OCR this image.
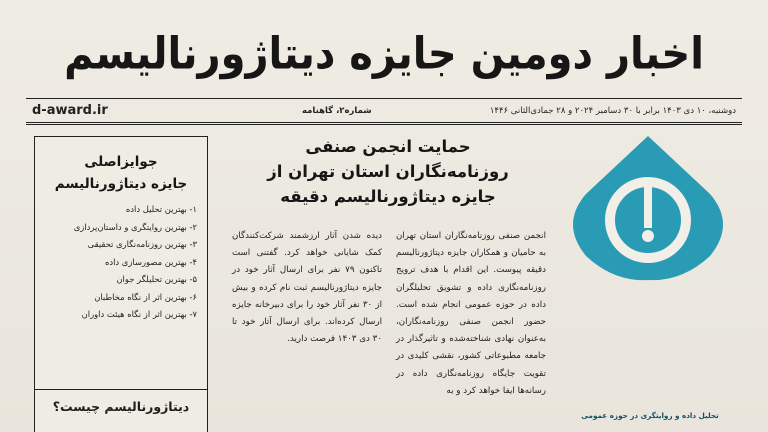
اخبار دومین جایزه دیتاژورنالیسم
دوشنبه، ۱۰ دی ۱۴۰۳ برابر با ۳۰ دسامبر ۲۰۲۴ و ۲۸ جمادی‌الثانی ۱۴۴۶
شماره۲، گاهنامه
d-award.ir
جوایزاصلی
جایزه دیتاژورنالیسم
۱- بهترین تحلیل داده
۲- بهترین روایتگری و داستان‌پردازی
۳- بهترین روزنامه‌نگاری تحقیقی
۴- بهترین مصورسازی داده
۵- بهترین تحلیلگر جوان
۶- بهترین اثر از نگاه مخاطبان
۷- بهترین اثر از نگاه هیئت داوران
دیتاژورنالیسم چیست؟
حمایت انجمن صنفی
روزنامه‌نگاران استان تهران از
جایزه دیتاژورنالیسم دقیقه
انجمن صنفی روزنامه‌نگاران استان تهران به حامیان و همکاران جایزه دیتاژورنالیسم دقیقه پیوست. این اقدام با هدف ترویج روزنامه‌نگاری داده و تشویق تحلیلگران داده در حوزه عمومی انجام شده است. حضور انجمن صنفی روزنامه‌نگاران، به‌عنوان نهادی شناخته‌شده و تاثیرگذار در جامعه مطبوعاتی کشور، نقشی کلیدی در تقویت جایگاه روزنامه‌نگاری داده در رسانه‌ها ایفا خواهد کرد و به
دیده شدن آثار ارزشمند شرکت‌کنندگان کمک شایانی خواهد کرد. گفتنی است تاکنون ۷۹ نفر برای ارسال آثار خود در جایزه دیتاژورنالیسم ثبت نام کرده و بیش از ۳۰ نفر آثار خود را برای دبیرخانه جایزه ارسال کرده‌اند. برای ارسال آثار خود تا ۳۰ دی ۱۴۰۳ فرصت دارید.
تحلیل داده و روایتگری در حوزه عمومی
